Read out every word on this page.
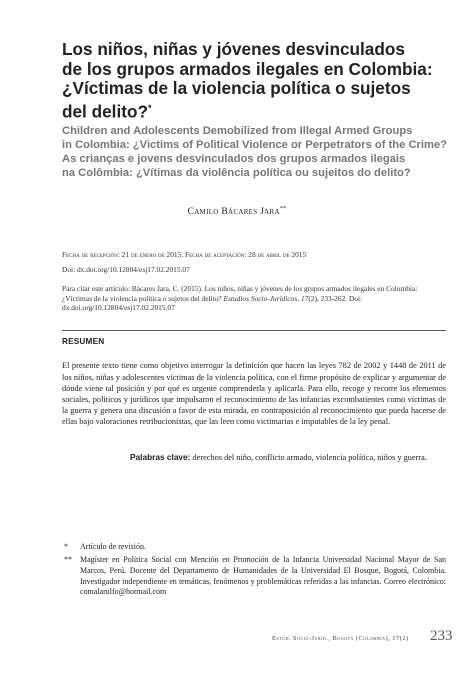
Los niños, niñas y jóvenes desvinculados
de los grupos armados ilegales en Colombia:
¿Víctimas de la violencia política o sujetos
del delito?*

Children and Adolescents Demobilized from Illegal Armed Groups
in Colombia: ¿Victims of Political Violence or Perpetrators of the Crime?

As crianças e jovens desvinculados dos grupos armados ilegais
na Colômbia: ¿Vítimas da violência política ou sujeitos do delito?

Camilo Bácares Jara**
Fecha de recepción: 21 de enero de 2015. Fecha de aceptación: 28 de abril de 2015
Doi: dx.doi.org/10.12804/esj17.02.2015.07
Para citar este artículo: Bácares Jara, C. (2015). Los niños, niñas y jóvenes de los grupos armados ilegales en Colombia: ¿Víctimas de la violencia política o sujetos del delito? Estudios Socio-Jurídicos, 17(2), 233-262. Doi: dx.doi.org/10.12804/esj17.02.2015.07
RESUMEN

El presente texto tiene como objetivo interrogar la definición que hacen las leyes 782 de 2002 y 1448 de 2011 de los niños, niñas y adolescentes víctimas de la violencia política, con el firme propósito de explicar y argumentar de dónde viene tal posición y por qué es urgente comprenderla y aplicarla. Para ello, recoge y recorre los elementos sociales, políticos y jurídicos que impulsaron el reconocimiento de las infancias excombatientes como víctimas de la guerra y genera una discusión a favor de esta mirada, en contraposición al reconocimiento que pueda hacerse de ellas bajo valoraciones retribucionistas, que las leen como victimarias e imputables de la ley penal.

Palabras clave: derechos del niño, conflicto armado, violencia política, niños y guerra.

* Artículo de revisión.
** Magíster en Política Social con Mención en Promoción de la Infancia Universidad Nacional Mayor de San Marcos, Perú. Docente del Departamento de Humanidades de la Universidad El Bosque, Bogotá, Colombia. Investigador independiente en temáticas, fenómenos y problemáticas referidas a las infancias. Correo electrónico: comalarulfo@hotmail.com
Estud. Socio-Juríd., Bogotá (Colombia), 17(2) 233
